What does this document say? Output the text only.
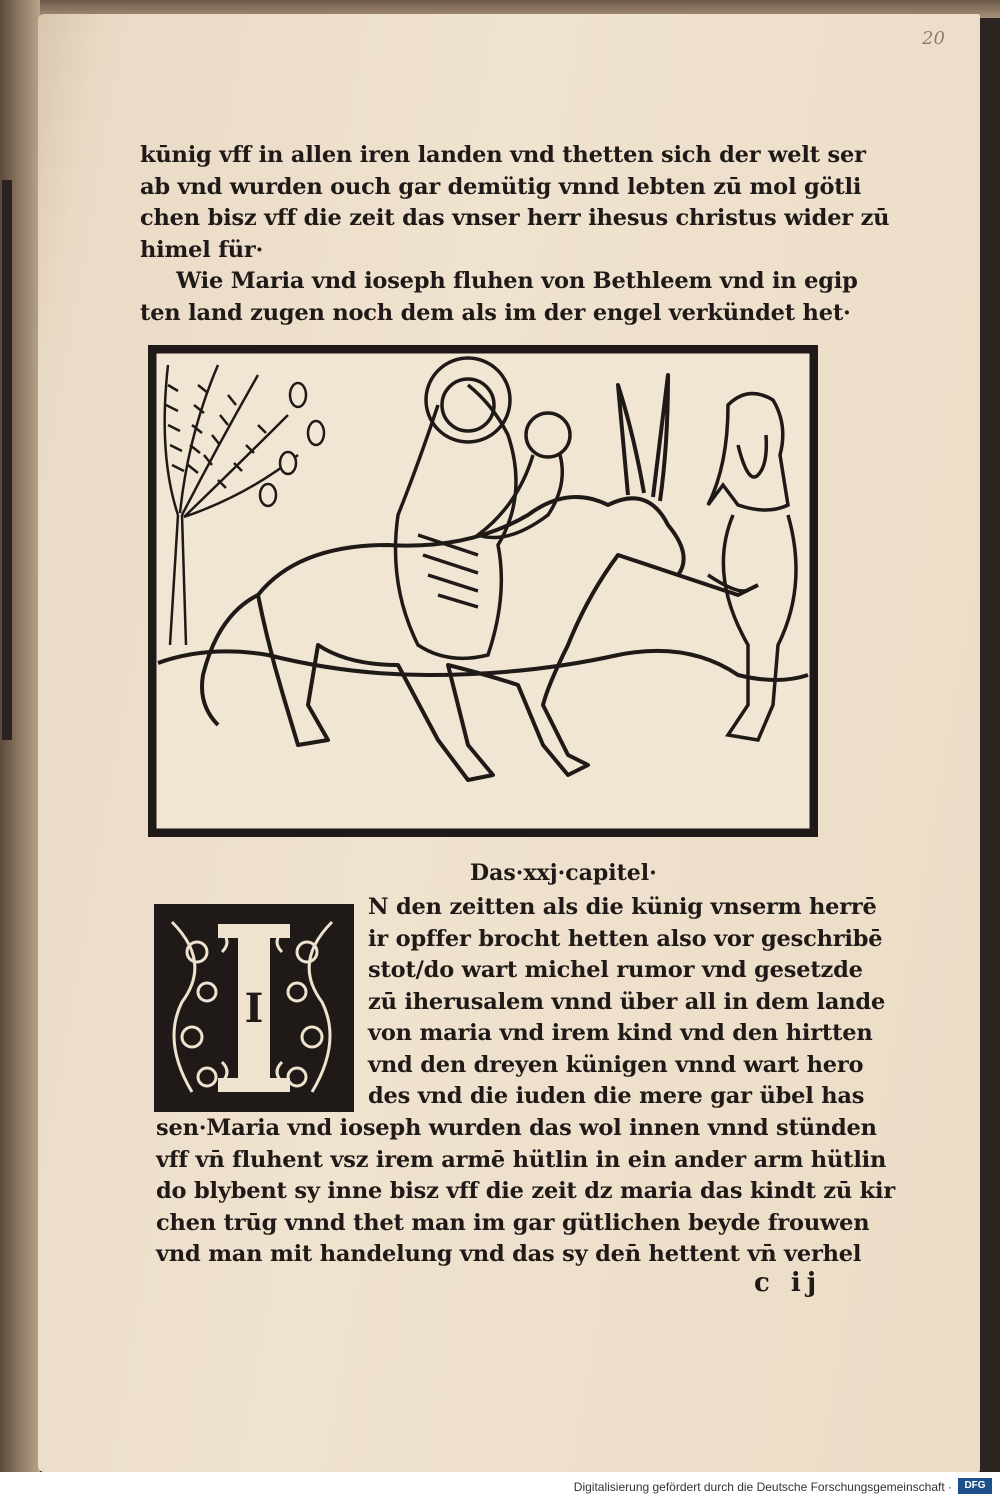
20
kūnig vff in allen iren landen vnd thetten sich der welt ser
ab vnd wurden ouch gar demütig vnnd lebten zū mol götli
chen bisz vff die zeit das vnser herr ihesus christus wider zū
himel für·
Wie Maria vnd ioseph fluhen von Bethleem vnd in egip
ten land zugen noch dem als im der engel verkündet het·
Das·xxj·capitel·
I
N den zeitten als die künig vnserm herrē
ir opffer brocht hetten also vor geschribē
stot/do wart michel rumor vnd gesetzde
zū iherusalem vnnd über all in dem lande
von maria vnd irem kind vnd den hirtten
vnd den dreyen künigen vnnd wart hero
des vnd die iuden die mere gar übel has
sen·Maria vnd ioseph wurden das wol innen vnnd stünden
vff vn̄ fluhent vsz irem armē hütlin in ein ander arm hütlin
do blybent sy inne bisz vff die zeit dz maria das kindt zū kir
chen trūg vnnd thet man im gar gütlichen beyde frouwen
vnd man mit handelung vnd das sy den̄ hettent vn̄ verhel
c ij
Digitalisierung gefördert durch die Deutsche Forschungsgemeinschaft ·	DFG
